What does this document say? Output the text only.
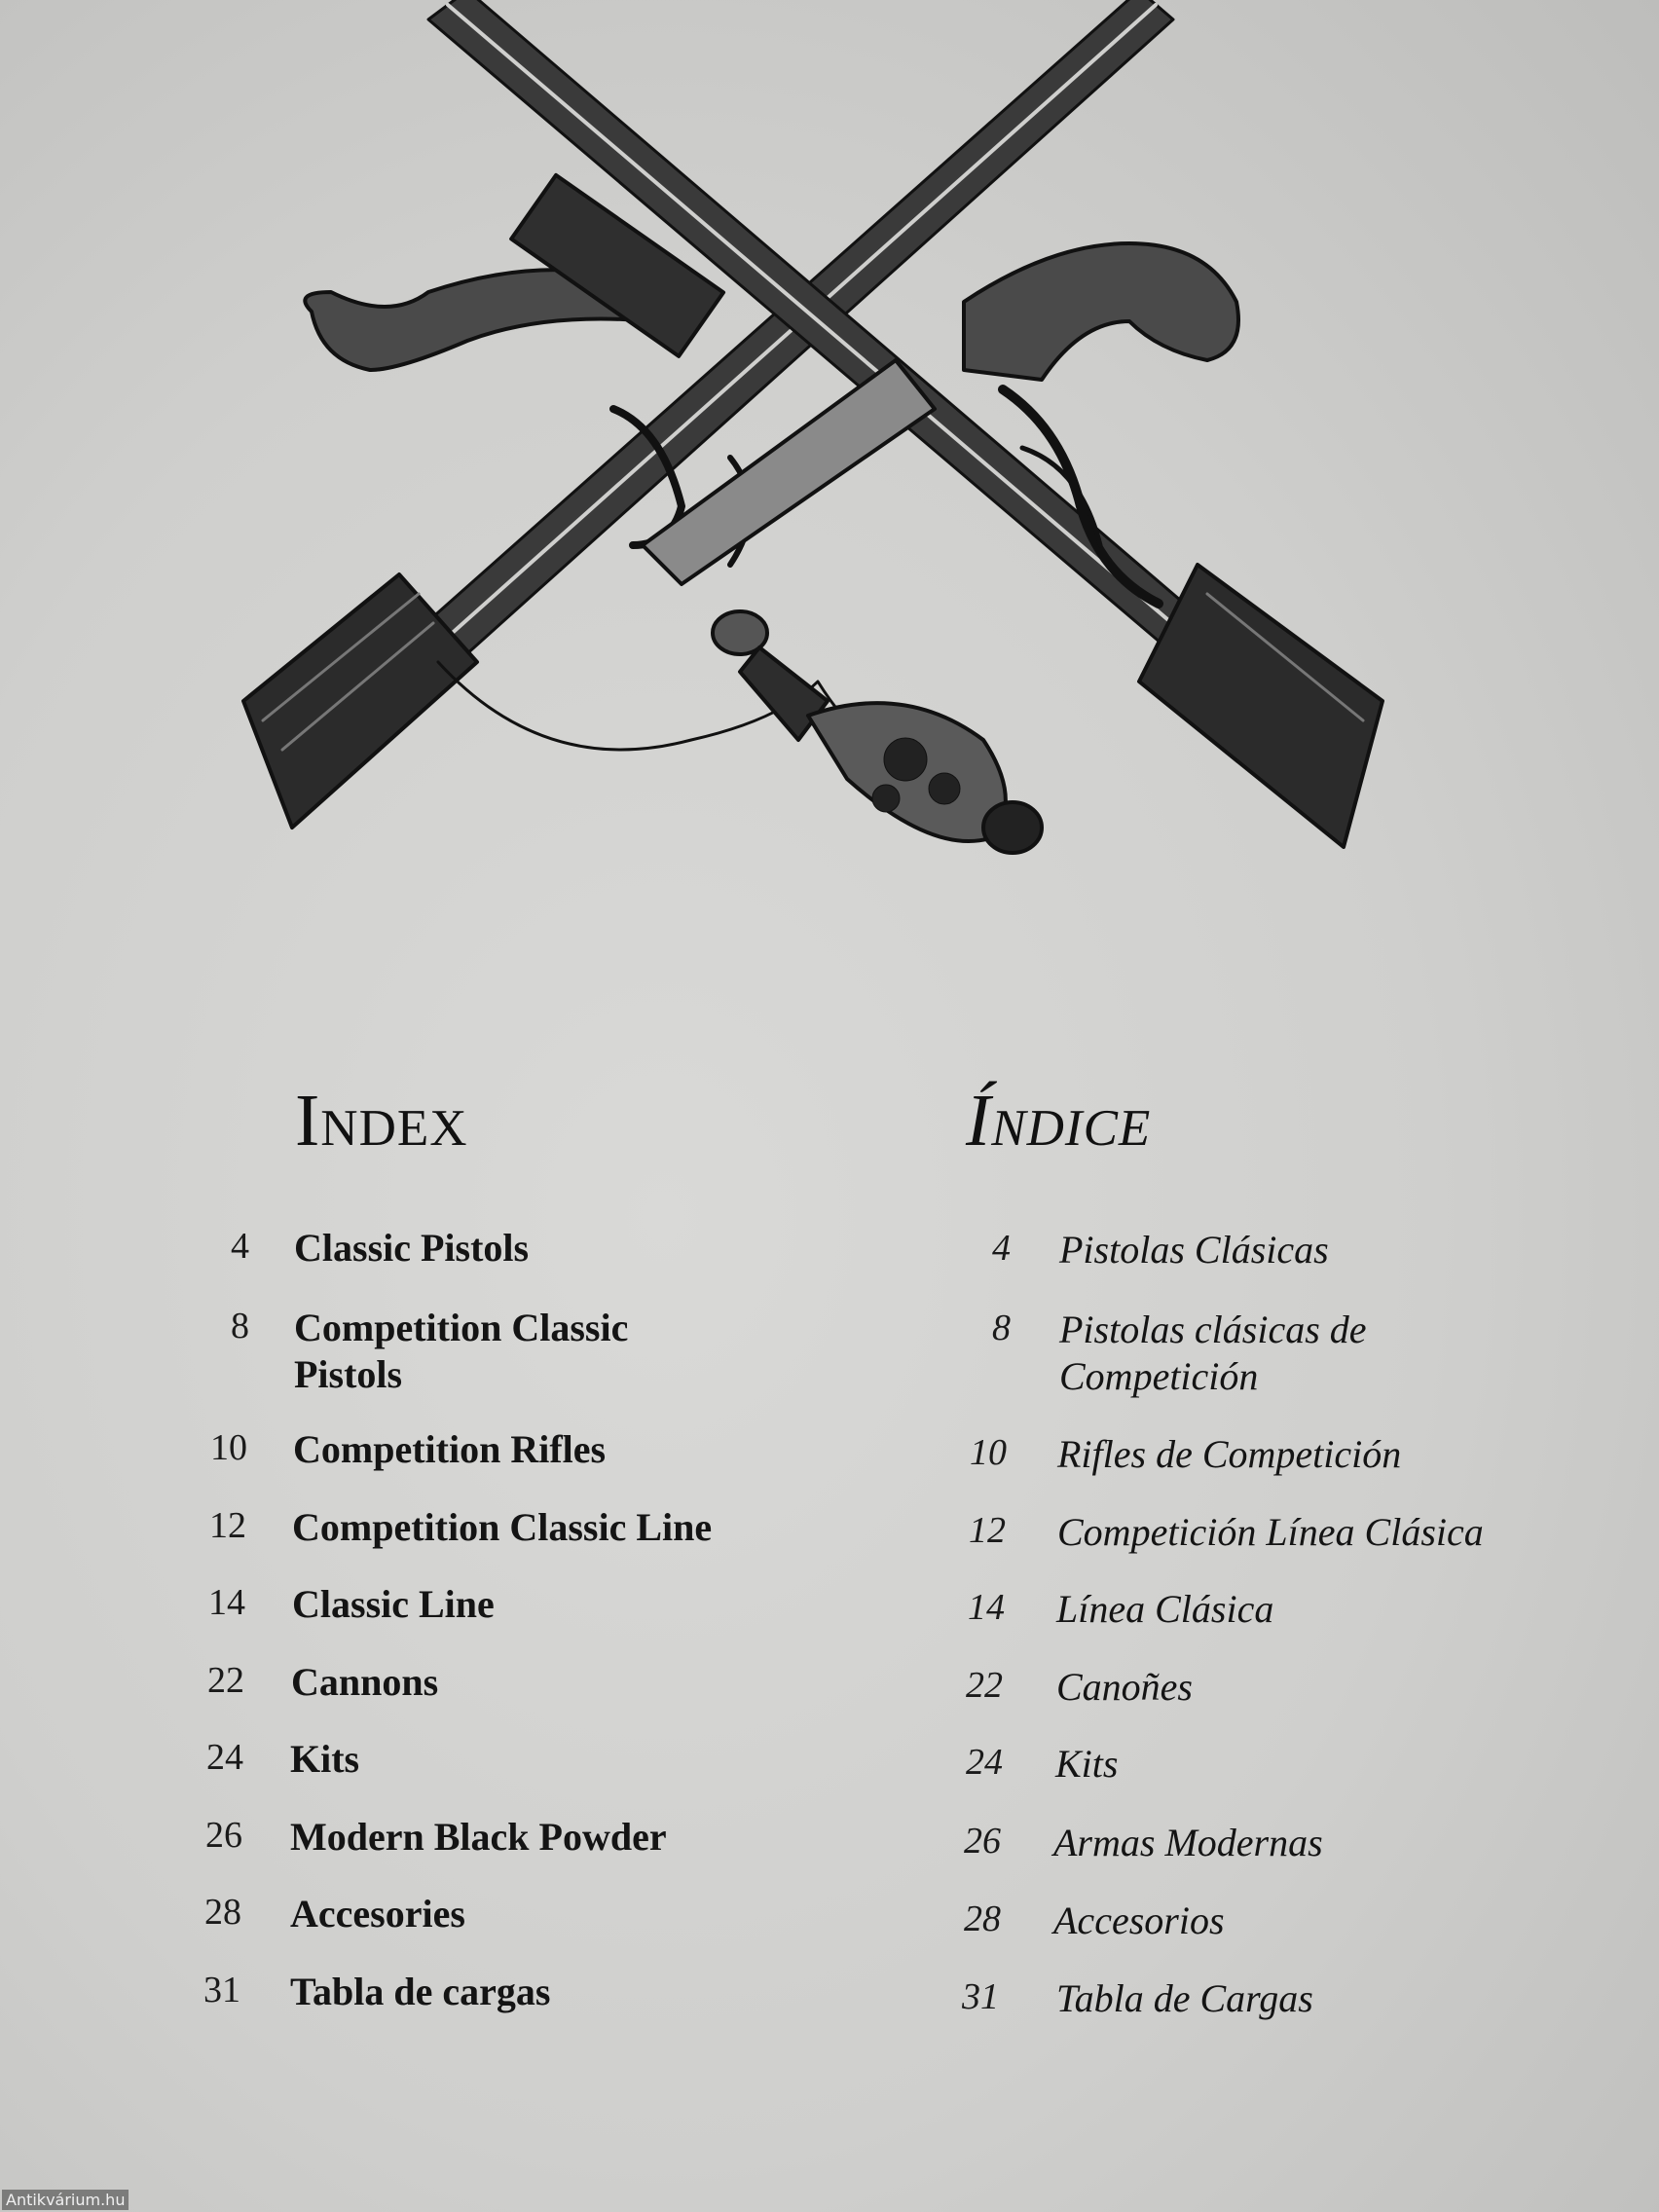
Index	Índice
4 Classic Pistols
8 Competition Classic Pistols
10 Competition Rifles
12 Competition Classic Line
14 Classic Line
22 Cannons
24 Kits
26 Modern Black Powder
28 Accesories
31 Tabla de cargas
4 Pistolas Clásicas
8 Pistolas clásicas de Competición
10 Rifles de Competición
12 Competición Línea Clásica
14 Línea Clásica
22 Canoñes
24 Kits
26 Armas Modernas
28 Accesorios
31 Tabla de Cargas
Antikvárium.hu
